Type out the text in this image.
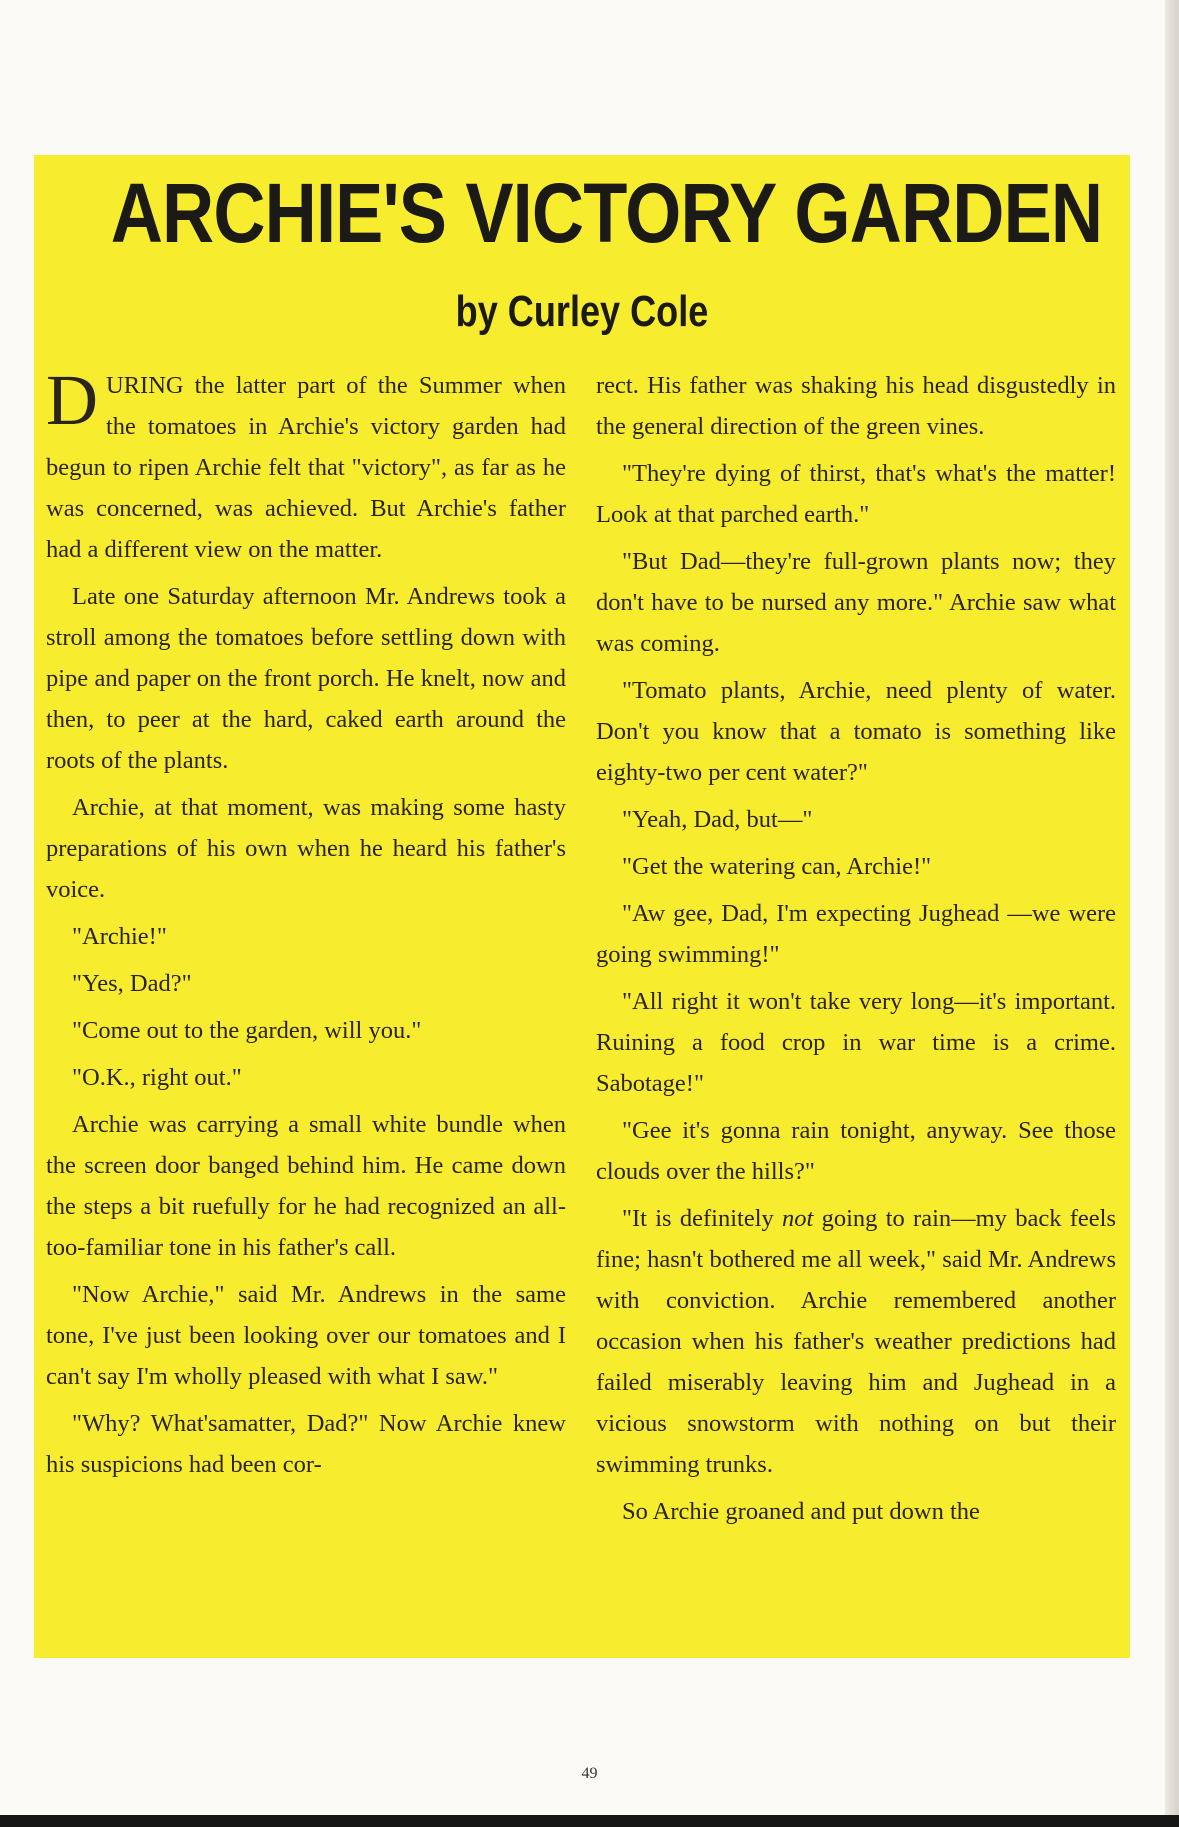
ARCHIE'S VICTORY GARDEN
by Curley Cole

DURING the latter part of the Summer when the tomatoes in Archie's victory garden had begun to ripen Archie felt that "victory", as far as he was concerned, was achieved. But Archie's father had a different view on the matter.

Late one Saturday afternoon Mr. Andrews took a stroll among the tomatoes before settling down with pipe and paper on the front porch. He knelt, now and then, to peer at the hard, caked earth around the roots of the plants.

Archie, at that moment, was making some hasty preparations of his own when he heard his father's voice.

"Archie!"

"Yes, Dad?"

"Come out to the garden, will you."

"O.K., right out."

Archie was carrying a small white bundle when the screen door banged behind him. He came down the steps a bit ruefully for he had recognized an all-too-familiar tone in his father's call.

"Now Archie," said Mr. Andrews in the same tone, I've just been looking over our tomatoes and I can't say I'm wholly pleased with what I saw."

"Why? What'samatter, Dad?" Now Archie knew his suspicions had been cor-

rect. His father was shaking his head disgustedly in the general direction of the green vines.

"They're dying of thirst, that's what's the matter! Look at that parched earth."

"But Dad—they're full-grown plants now; they don't have to be nursed any more." Archie saw what was coming.

"Tomato plants, Archie, need plenty of water. Don't you know that a tomato is something like eighty-two per cent water?"

"Yeah, Dad, but—"

"Get the watering can, Archie!"

"Aw gee, Dad, I'm expecting Jughead —we were going swimming!"

"All right it won't take very long—it's important. Ruining a food crop in war time is a crime. Sabotage!"

"Gee it's gonna rain tonight, anyway. See those clouds over the hills?"

"It is definitely not going to rain—my back feels fine; hasn't bothered me all week," said Mr. Andrews with conviction. Archie remembered another occasion when his father's weather predictions had failed miserably leaving him and Jughead in a vicious snowstorm with nothing on but their swimming trunks.

So Archie groaned and put down the

49
